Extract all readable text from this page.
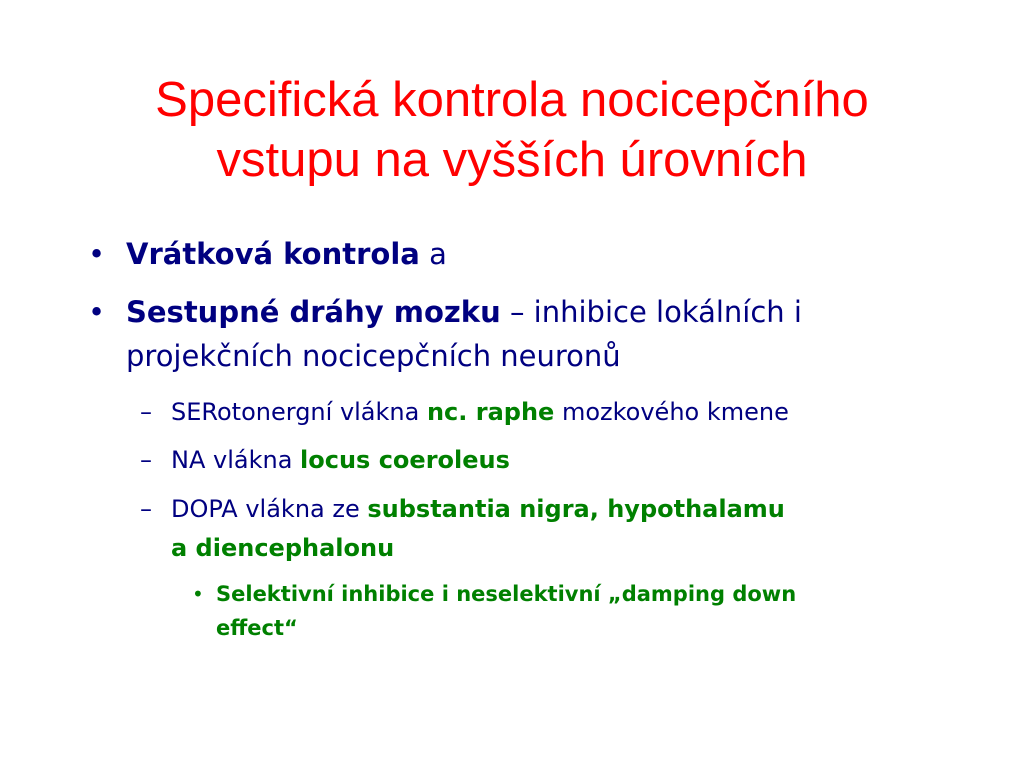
Specifická kontrola nocicepčního
vstupu na vyšších úrovních
• Vrátková kontrola a
• Sestupné dráhy mozku – inhibice lokálních i
projekčních nocicepčních neuronů
– SERotonergní vlákna nc. raphe mozkového kmene
– NA vlákna locus coeroleus
– DOPA vlákna ze substantia nigra, hypothalamu
a diencephalonu
• Selektivní inhibice i neselektivní „damping down
effect“
